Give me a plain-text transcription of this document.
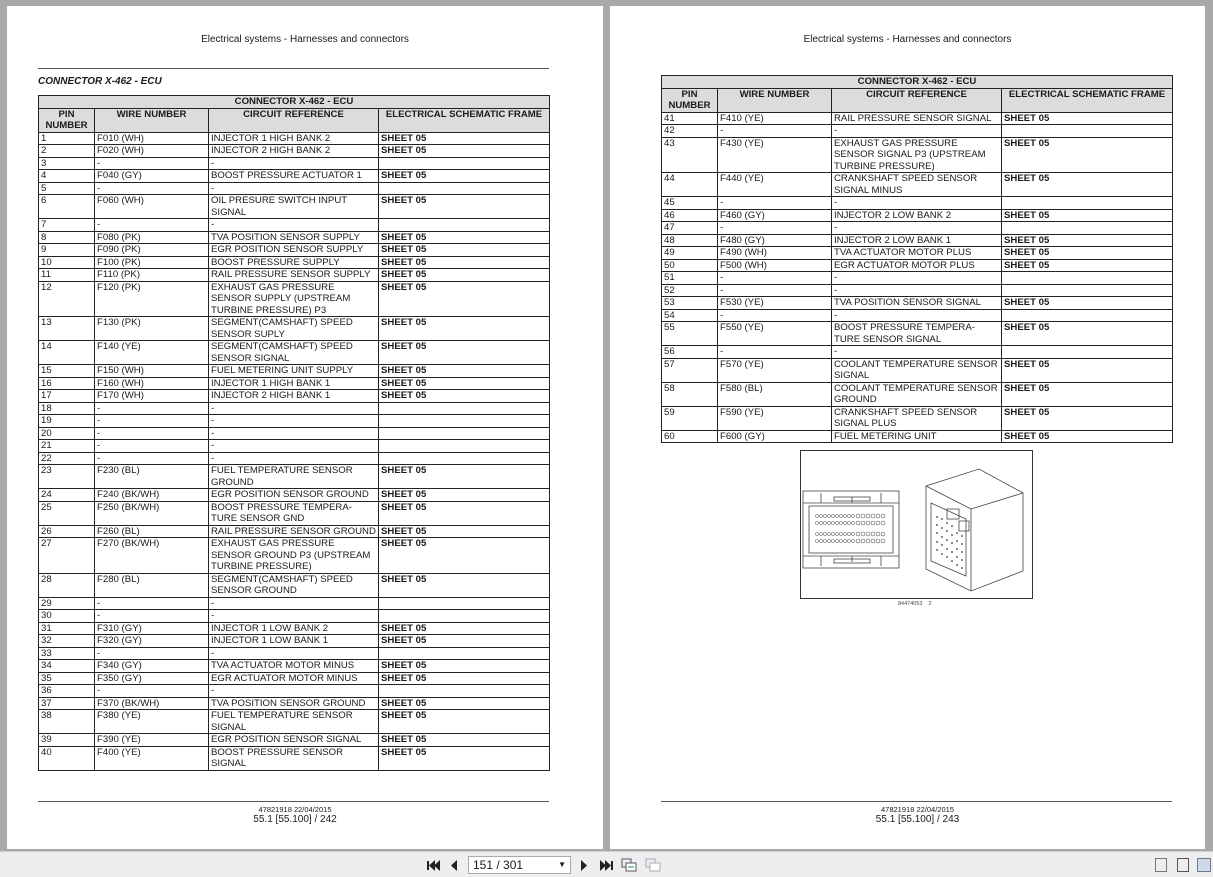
Electrical systems - Harnesses and connectors
CONNECTOR X-462 - ECU
CONNECTOR X-462 - ECU			
PIN NUMBER	WIRE NUMBER	CIRCUIT REFERENCE	ELECTRICAL SCHEMATIC FRAME
1	F010 (WH)	INJECTOR 1 HIGH BANK 2	SHEET 05
2	F020 (WH)	INJECTOR 2 HIGH BANK 2	SHEET 05
3	-	-	
4	F040 (GY)	BOOST PRESSURE ACTUATOR 1	SHEET 05
5	-	-	
6	F060 (WH)	OIL PRESURE SWITCH INPUT SIGNAL	SHEET 05
7	-	-	
8	F080 (PK)	TVA POSITION SENSOR SUPPLY	SHEET 05
9	F090 (PK)	EGR POSITION SENSOR SUPPLY	SHEET 05
10	F100 (PK)	BOOST PRESSURE SUPPLY	SHEET 05
11	F110 (PK)	RAIL PRESSURE SENSOR SUPPLY	SHEET 05
12	F120 (PK)	EXHAUST GAS PRESSURE SENSOR SUPPLY (UPSTREAM TURBINE PRESSURE) P3	SHEET 05
13	F130 (PK)	SEGMENT(CAMSHAFT) SPEED SENSOR SUPLY	SHEET 05
14	F140 (YE)	SEGMENT(CAMSHAFT) SPEED SENSOR SIGNAL	SHEET 05
15	F150 (WH)	FUEL METERING UNIT SUPPLY	SHEET 05
16	F160 (WH)	INJECTOR 1 HIGH BANK 1	SHEET 05
17	F170 (WH)	INJECTOR 2 HIGH BANK 1	SHEET 05
18	-	-	
19	-	-	
20	-	-	
21	-	-	
22	-	-	
23	F230 (BL)	FUEL TEMPERATURE SENSOR GROUND	SHEET 05
24	F240 (BK/WH)	EGR POSITION SENSOR GROUND	SHEET 05
25	F250 (BK/WH)	BOOST PRESSURE TEMPERA-TURE SENSOR GND	SHEET 05
26	F260 (BL)	RAIL PRESSURE SENSOR GROUND	SHEET 05
27	F270 (BK/WH)	EXHAUST GAS PRESSURE SENSOR GROUND P3 (UPSTREAM TURBINE PRESSURE)	SHEET 05
28	F280 (BL)	SEGMENT(CAMSHAFT) SPEED SENSOR GROUND	SHEET 05
29	-	-	
30	-	-	
31	F310 (GY)	INJECTOR 1 LOW BANK 2	SHEET 05
32	F320 (GY)	INJECTOR 1 LOW BANK 1	SHEET 05
33	-	-	
34	F340 (GY)	TVA ACTUATOR MOTOR MINUS	SHEET 05
35	F350 (GY)	EGR ACTUATOR MOTOR MINUS	SHEET 05
36	-	-	
37	F370 (BK/WH)	TVA POSITION SENSOR GROUND	SHEET 05
38	F380 (YE)	FUEL TEMPERATURE SENSOR SIGNAL	SHEET 05
39	F390 (YE)	EGR POSITION SENSOR SIGNAL	SHEET 05
40	F400 (YE)	BOOST PRESSURE SENSOR SIGNAL	SHEET 05
47821918 22/04/2015
55.1 [55.100] / 242
Electrical systems - Harnesses and connectors
CONNECTOR X-462 - ECU			
PIN NUMBER	WIRE NUMBER	CIRCUIT REFERENCE	ELECTRICAL SCHEMATIC FRAME
41	F410 (YE)	RAIL PRESSURE SENSOR SIGNAL	SHEET 05
42	-	-	
43	F430 (YE)	EXHAUST GAS PRESSURE SENSOR SIGNAL P3 (UPSTREAM TURBINE PRESSURE)	SHEET 05
44	F440 (YE)	CRANKSHAFT SPEED SENSOR SIGNAL MINUS	SHEET 05
45	-	-	
46	F460 (GY)	INJECTOR 2 LOW BANK 2	SHEET 05
47	-	-	
48	F480 (GY)	INJECTOR 2 LOW BANK 1	SHEET 05
49	F490 (WH)	TVA ACTUATOR MOTOR PLUS	SHEET 05
50	F500 (WH)	EGR ACTUATOR MOTOR PLUS	SHEET 05
51	-	-	
52	-	-	
53	F530 (YE)	TVA POSITION SENSOR SIGNAL	SHEET 05
54	-	-	
55	F550 (YE)	BOOST PRESSURE TEMPERA-TURE SENSOR SIGNAL	SHEET 05
56	-	-	
57	F570 (YE)	COOLANT TEMPERATURE SENSOR SIGNAL	SHEET 05
58	F580 (BL)	COOLANT TEMPERATURE SENSOR GROUND	SHEET 05
59	F590 (YE)	CRANKSHAFT SPEED SENSOR SIGNAL PLUS	SHEET 05
60	F600 (GY)	FUEL METERING UNIT	SHEET 05
84474053 2
47821918 22/04/2015
55.1 [55.100] / 243
151 / 301	▼
